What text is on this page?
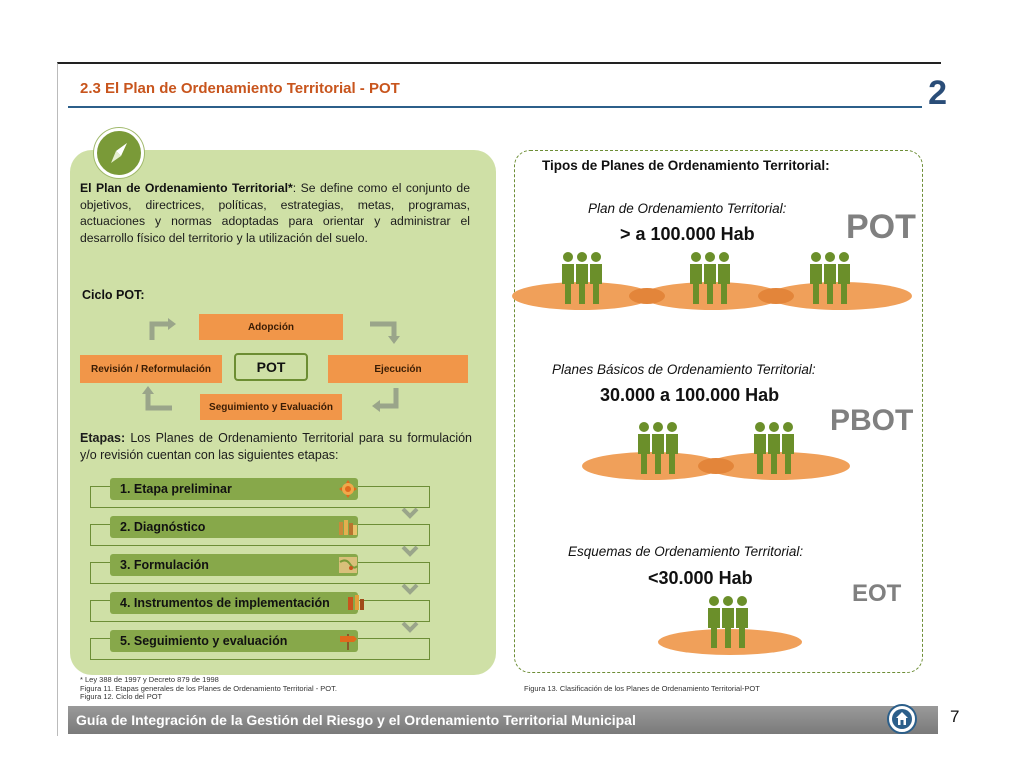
2.3 El Plan de Ordenamiento Territorial - POT	2
El Plan de Ordenamiento Territorial*: Se define como el conjunto de objetivos, directrices, políticas, estrategias, metas, programas, actuaciones y normas adoptadas para orientar y administrar el desarrollo físico del territorio y la utilización del suelo.
Ciclo POT:
Adopción
Ejecución
Seguimiento y Evaluación
Revisión / Reformulación	POT
Etapas: Los Planes de Ordenamiento Territorial para su formulación y/o revisión cuentan con las siguientes etapas:
1. Etapa preliminar
2. Diagnóstico
3. Formulación
4. Instrumentos de implementación
5. Seguimiento y evaluación
* Ley 388 de 1997 y Decreto 879 de 1998
Figura 11. Etapas generales de los Planes de Ordenamiento Territorial - POT.
Figura 12. Ciclo del POT
Tipos de Planes de Ordenamiento Territorial:
Plan de Ordenamiento Territorial:
> a 100.000 Hab	POT
Planes Básicos de Ordenamiento Territorial:
30.000 a 100.000 Hab
PBOT
Esquemas de Ordenamiento Territorial:
<30.000 Hab
EOT
Figura 13. Clasificación de los Planes de Ordenamiento Territorial-POT
Guía de Integración de la Gestión del Riesgo y el Ordenamiento Territorial Municipal	7
